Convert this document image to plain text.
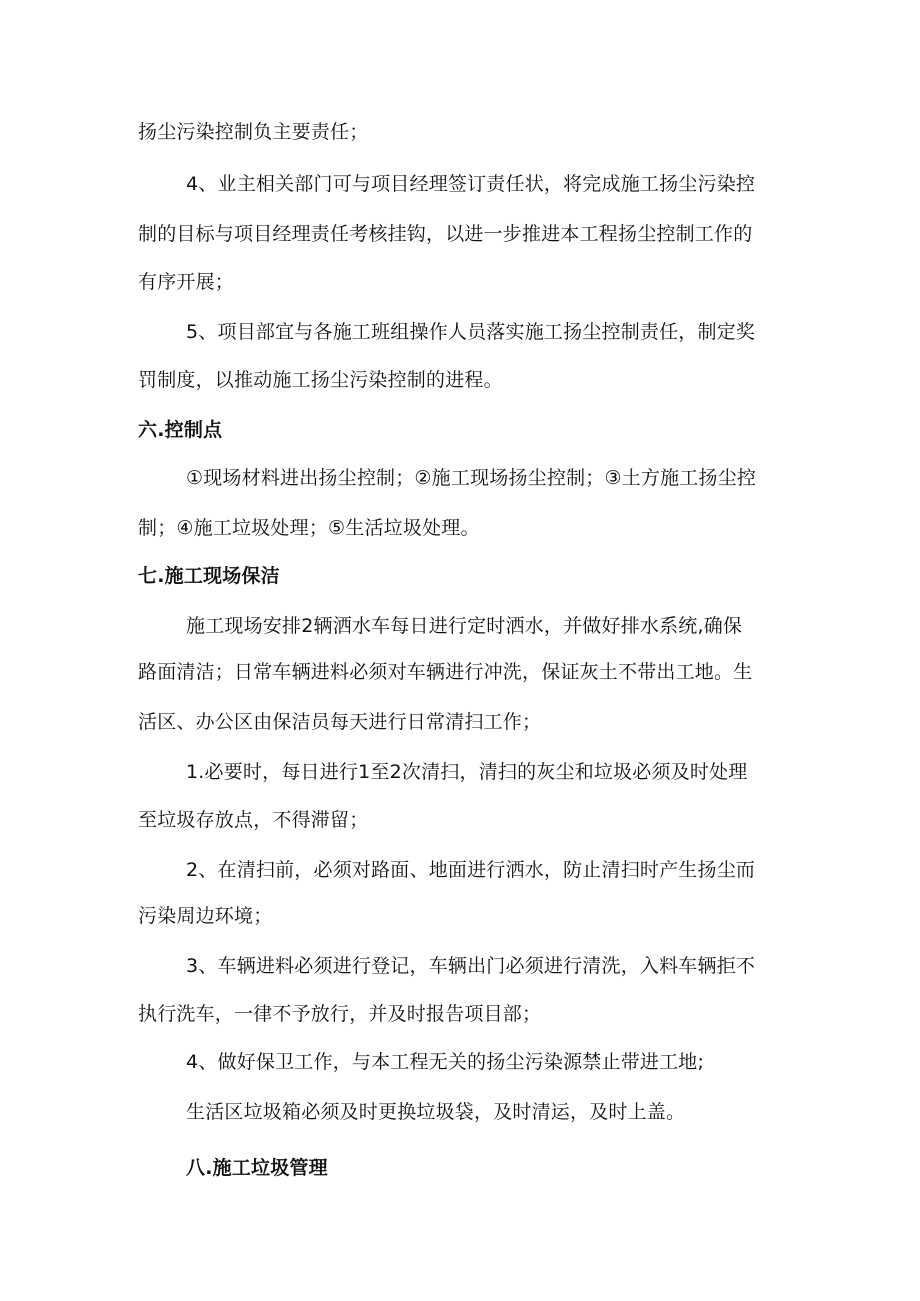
扬尘污染控制负主要责任；
4、业主相关部门可与项目经理签订责任状，将完成施工扬尘污染控
制的目标与项目经理责任考核挂钩，以进一步推进本工程扬尘控制工作的
有序开展；
5、项目部宜与各施工班组操作人员落实施工扬尘控制责任，制定奖
罚制度，以推动施工扬尘污染控制的进程。
六.控制点
①现场材料进出扬尘控制；②施工现场扬尘控制；③土方施工扬尘控
制；④施工垃圾处理；⑤生活垃圾处理。
七.施工现场保洁
施工现场安排2辆洒水车每日进行定时洒水，并做好排水系统,确保
路面清洁；日常车辆进料必须对车辆进行冲洗，保证灰土不带出工地。生
活区、办公区由保洁员每天进行日常清扫工作；
1.必要时，每日进行1至2次清扫，清扫的灰尘和垃圾必须及时处理
至垃圾存放点，不得滞留；
2、在清扫前，必须对路面、地面进行洒水，防止清扫时产生扬尘而
污染周边环境；
3、车辆进料必须进行登记，车辆出门必须进行清洗，入料车辆拒不
执行洗车，一律不予放行，并及时报告项目部；
4、做好保卫工作，与本工程无关的扬尘污染源禁止带进工地;
生活区垃圾箱必须及时更换垃圾袋，及时清运，及时上盖。
八.施工垃圾管理
